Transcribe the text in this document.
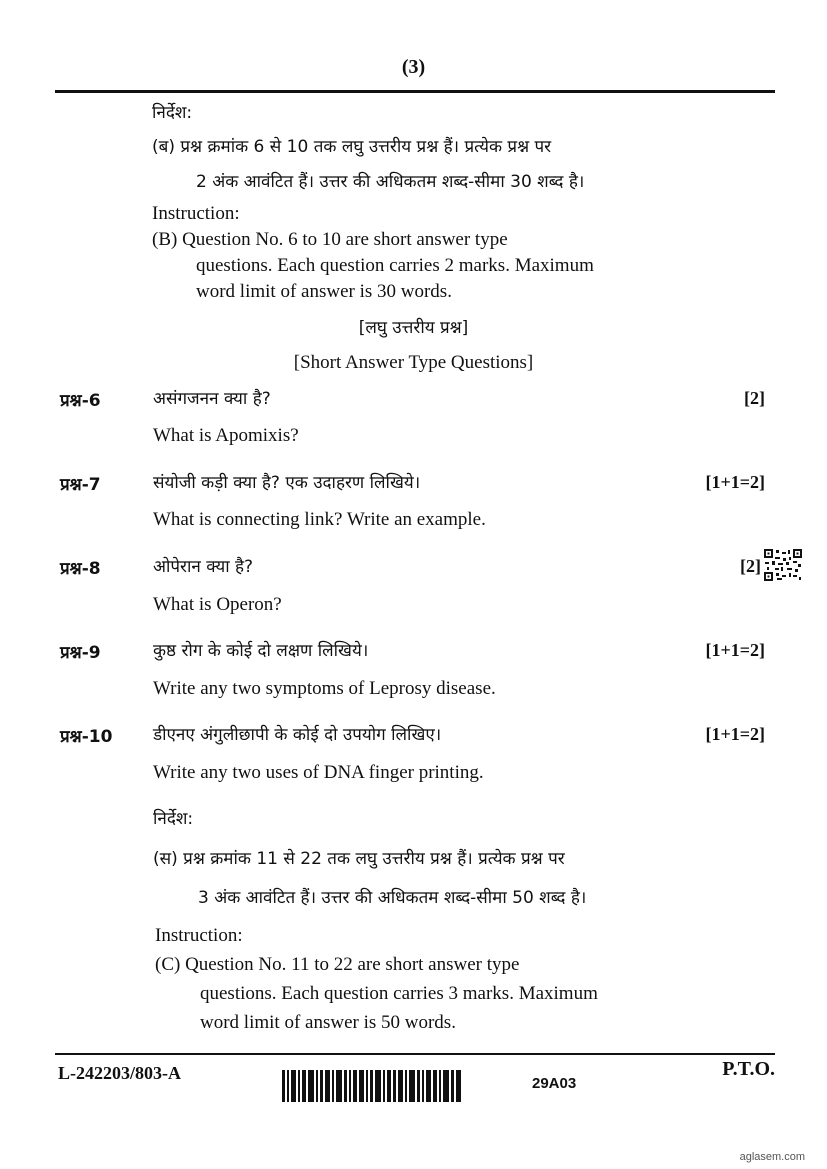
(3)
निर्देश:
(ब) प्रश्न क्रमांक 6 से 10 तक लघु उत्तरीय प्रश्न हैं। प्रत्येक प्रश्न पर
2 अंक आवंटित हैं। उत्तर की अधिकतम शब्द-सीमा 30 शब्द है।
Instruction:
(B) Question No. 6 to 10 are short answer type
questions. Each question carries 2 marks. Maximum
word limit of answer is 30 words.
[लघु उत्तरीय प्रश्न]
[Short Answer Type Questions]
प्रश्न-6	असंगजनन क्या है?	[2]
What is Apomixis?
प्रश्न-7	संयोजी कड़ी क्या है? एक उदाहरण लिखिये।	[1+1=2]
What is connecting link? Write an example.
प्रश्न-8	ओपेरान क्या है?	[2]
What is Operon?
प्रश्न-9	कुष्ठ रोग के कोई दो लक्षण लिखिये।	[1+1=2]
Write any two symptoms of Leprosy disease.
प्रश्न-10 डीएनए अंगुलीछापी के कोई दो उपयोग लिखिए।	[1+1=2]
Write any two uses of DNA finger printing.
निर्देश:
(स) प्रश्न क्रमांक 11 से 22 तक लघु उत्तरीय प्रश्न हैं। प्रत्येक प्रश्न पर
3 अंक आवंटित हैं। उत्तर की अधिकतम शब्द-सीमा 50 शब्द है।
Instruction:
(C) Question No. 11 to 22 are short answer type
questions. Each question carries 3 marks. Maximum
word limit of answer is 50 words.
L-242203/803-A
29A03
P.T.O.
aglasem.com
